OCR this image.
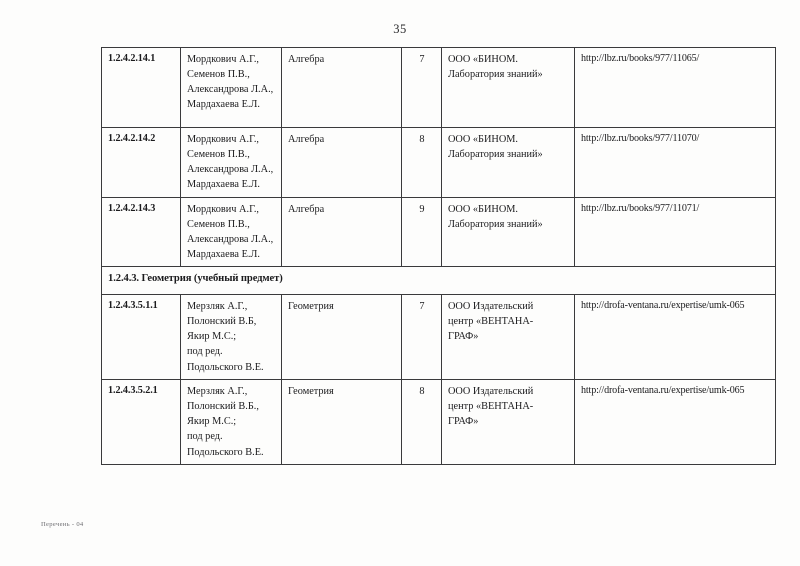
35
1.2.4.2.14.1	Мордкович А.Г.,
Семенов П.В.,
Александрова Л.А.,
Мардахаева Е.Л.	Алгебра	7	ООО «БИНОМ.
Лаборатория знаний»	http://lbz.ru/books/977/11065/
1.2.4.2.14.2	Мордкович А.Г.,
Семенов П.В.,
Александрова Л.А.,
Мардахаева Е.Л.	Алгебра	8	ООО «БИНОМ.
Лаборатория знаний»	http://lbz.ru/books/977/11070/
1.2.4.2.14.3	Мордкович А.Г.,
Семенов П.В.,
Александрова Л.А.,
Мардахаева Е.Л.	Алгебра	9	ООО «БИНОМ.
Лаборатория знаний»	http://lbz.ru/books/977/11071/
1.2.4.3. Геометрия (учебный предмет)					
1.2.4.3.5.1.1	Мерзляк А.Г.,
Полонский В.Б,
Якир М.С.;
под ред.
Подольского В.Е.	Геометрия	7	ООО Издательский
центр «ВЕНТАНА-
ГРАФ»	http://drofa-ventana.ru/expertise/umk-065
1.2.4.3.5.2.1	Мерзляк А.Г.,
Полонский В.Б.,
Якир М.С.;
под ред.
Подольского В.Е.	Геометрия	8	ООО Издательский
центр «ВЕНТАНА-
ГРАФ»	http://drofa-ventana.ru/expertise/umk-065
Перечень - 04
